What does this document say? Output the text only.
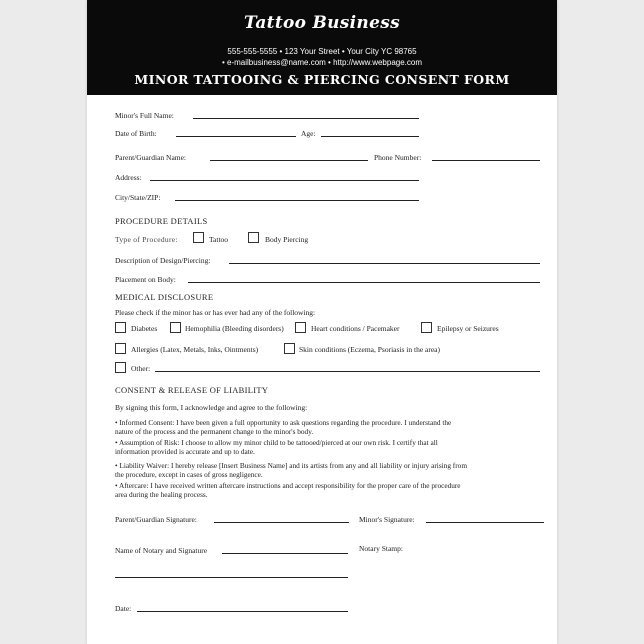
Tattoo Business
555-555-5555 • 123 Your Street • Your City YC 98765
• e-mailbusiness@name.com • http://www.webpage.com
MINOR TATTOOING & PIERCING CONSENT FORM
Minor's Full Name:
Date of Birth:	Age:
Parent/Guardian Name:	Phone Number:
Address:
City/State/ZIP:
PROCEDURE DETAILS
Type of Procedure:	Tattoo	Body Piercing
Description of Design/Piercing:
Placement on Body:
MEDICAL DISCLOSURE
Please check if the minor has or has ever had any of the following:
Diabetes	Hemophilia (Bleeding disorders)	Heart conditions / Pacemaker	Epilepsy or Seizures
Allergies (Latex, Metals, Inks, Ointments)	Skin conditions (Eczema, Psoriasis in the area)
Other:
CONSENT & RELEASE OF LIABILITY
By signing this form, I acknowledge and agree to the following:
• Informed Consent: I have been given a full opportunity to ask questions regarding the procedure. I understand the
nature of the process and the permanent change to the minor's body.
• Assumption of Risk: I choose to allow my minor child to be tattooed/pierced at our own risk. I certify that all
information provided is accurate and up to date.
• Liability Waiver: I hereby release [Insert Business Name] and its artists from any and all liability or injury arising from
the procedure, except in cases of gross negligence.
• Aftercare: I have received written aftercare instructions and accept responsibility for the proper care of the procedure
area during the healing process.
Parent/Guardian Signature:	Minor's Signature:
Name of Notary and Signature	Notary Stamp:
Date:
